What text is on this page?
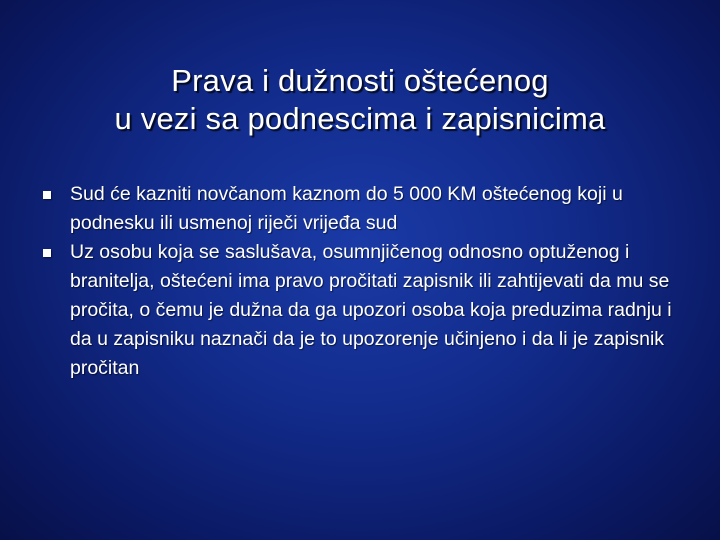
Prava i dužnosti oštećenog
u vezi sa podnescima i zapisnicima
Sud će kazniti novčanom kaznom do 5 000 KM oštećenog koji u podnesku ili usmenoj riječi vrijeđa sud
Uz osobu koja se saslušava, osumnjičenog odnosno optuženog i branitelja, oštećeni ima pravo pročitati zapisnik ili zahtijevati da mu se pročita, o čemu je dužna da ga upozori osoba koja preduzima radnju i da u zapisniku naznači da je to upozorenje učinjeno i da li je zapisnik pročitan
